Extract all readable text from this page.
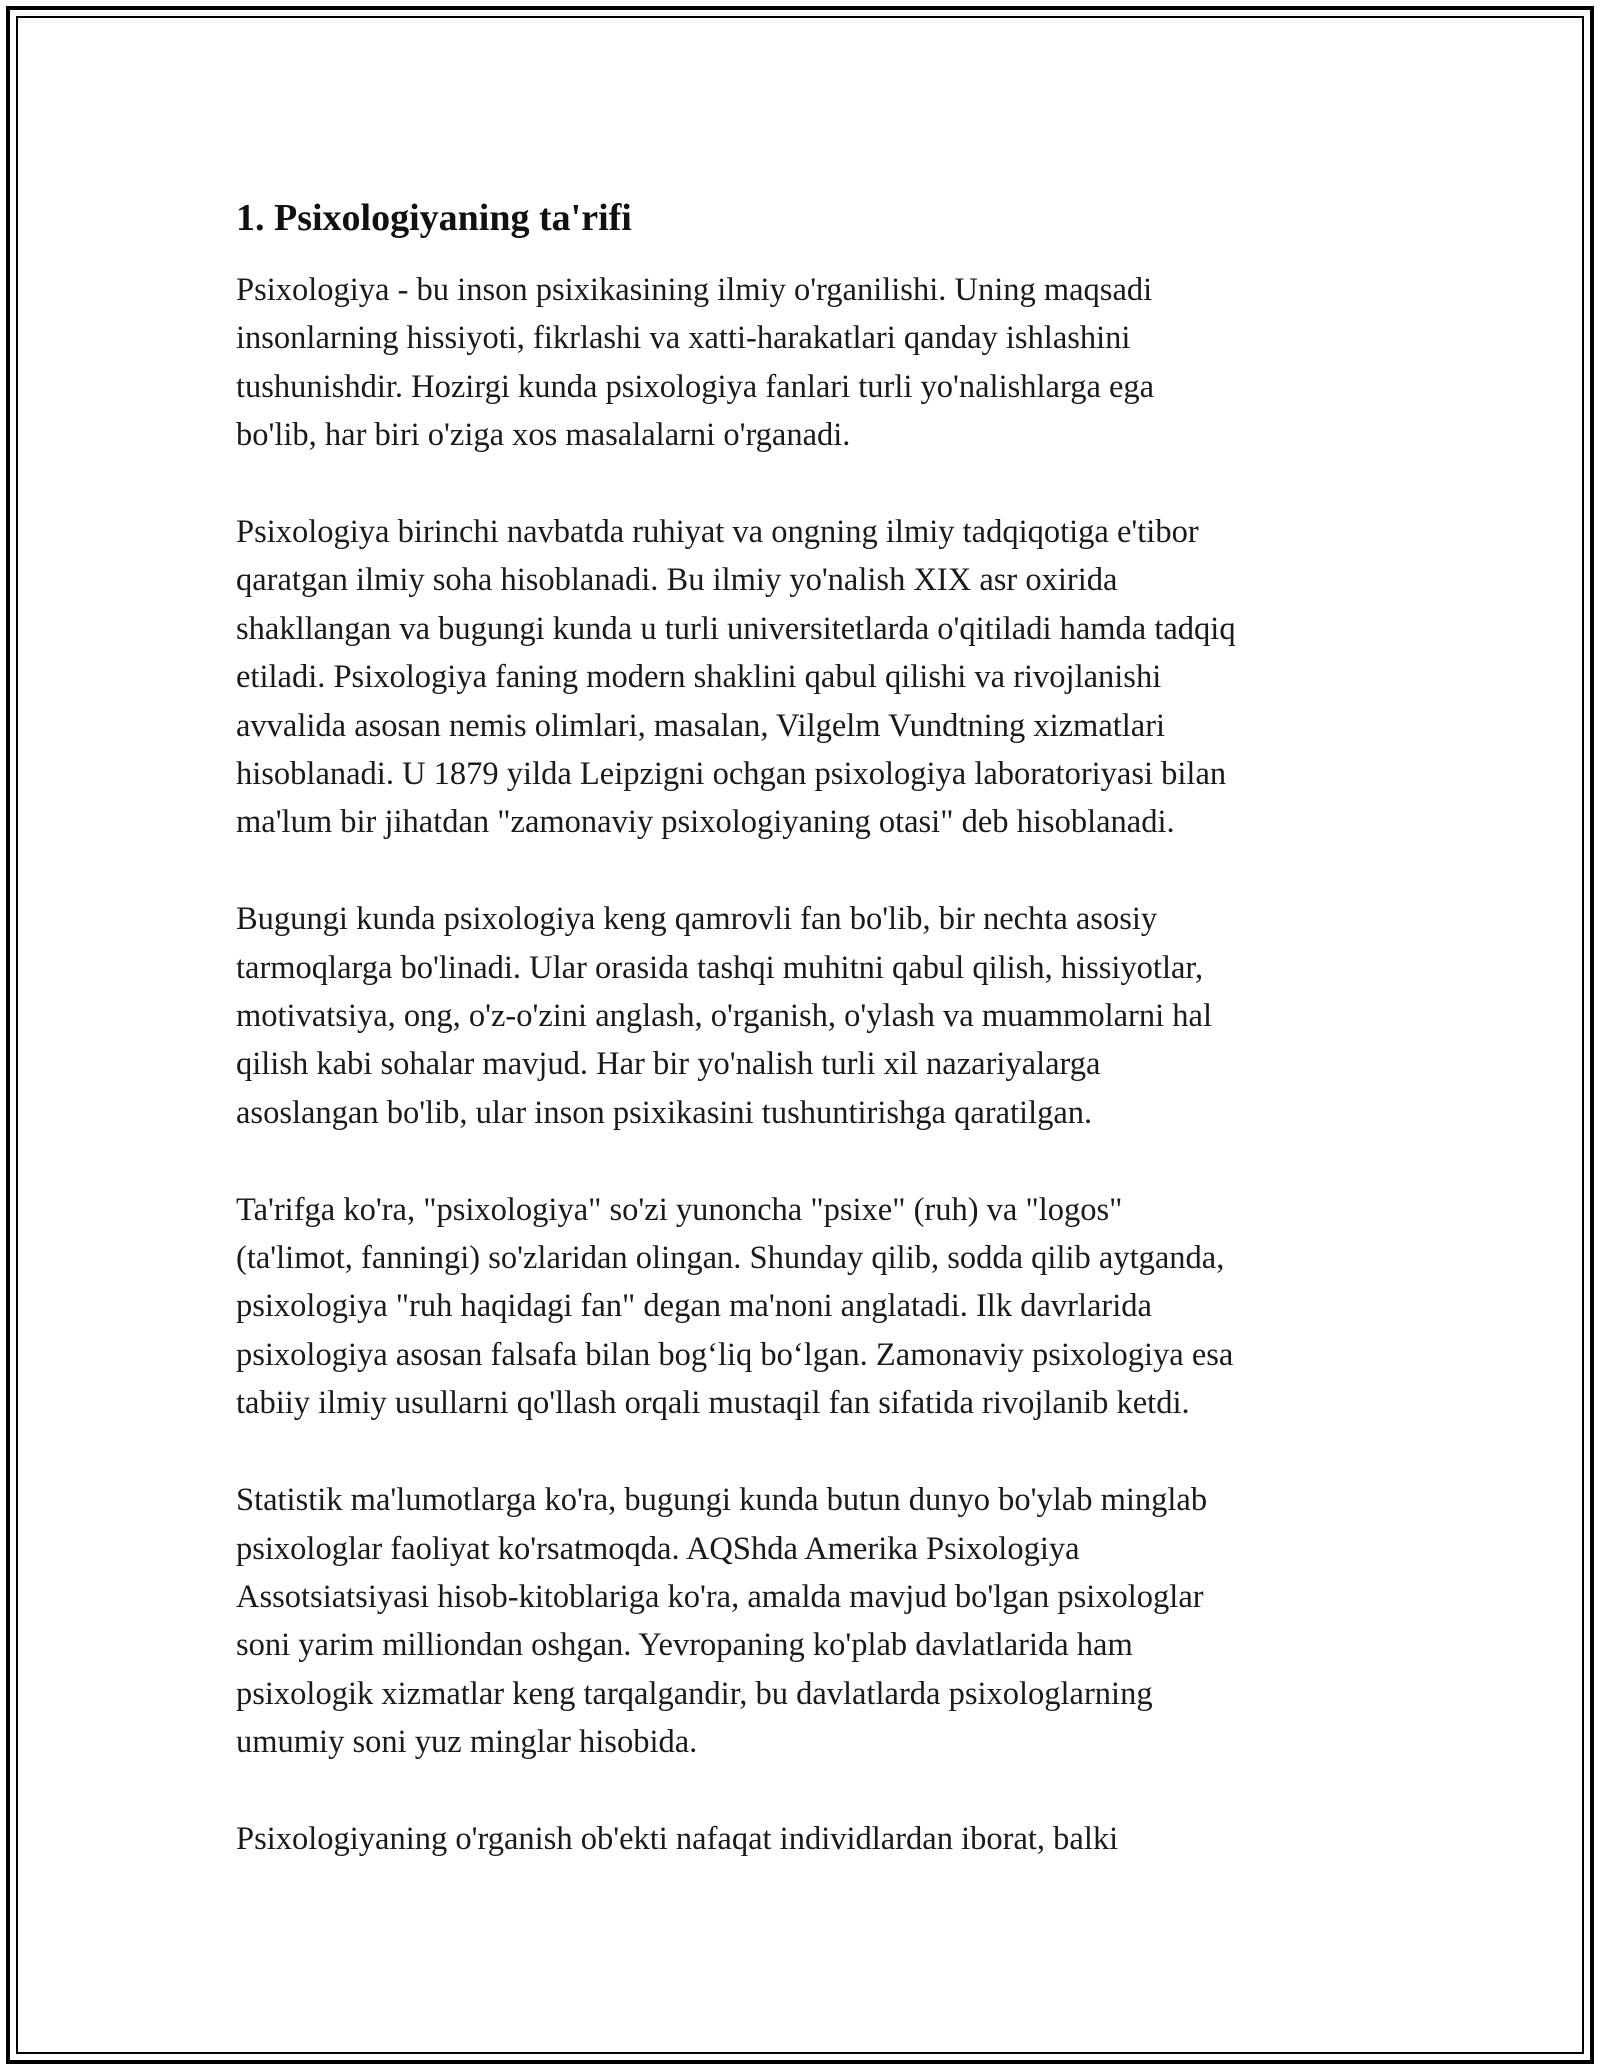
1. Psixologiyaning ta'rifi

Psixologiya - bu inson psixikasining ilmiy o'rganilishi. Uning maqsadi
insonlarning hissiyoti, fikrlashi va xatti-harakatlari qanday ishlashini
tushunishdir. Hozirgi kunda psixologiya fanlari turli yo'nalishlarga ega
bo'lib, har biri o'ziga xos masalalarni o'rganadi.

Psixologiya birinchi navbatda ruhiyat va ongning ilmiy tadqiqotiga e'tibor
qaratgan ilmiy soha hisoblanadi. Bu ilmiy yo'nalish XIX asr oxirida
shakllangan va bugungi kunda u turli universitetlarda o'qitiladi hamda tadqiq
etiladi. Psixologiya faning modern shaklini qabul qilishi va rivojlanishi
avvalida asosan nemis olimlari, masalan, Vilgelm Vundtning xizmatlari
hisoblanadi. U 1879 yilda Leipzigni ochgan psixologiya laboratoriyasi bilan
ma'lum bir jihatdan "zamonaviy psixologiyaning otasi" deb hisoblanadi.

Bugungi kunda psixologiya keng qamrovli fan bo'lib, bir nechta asosiy
tarmoqlarga bo'linadi. Ular orasida tashqi muhitni qabul qilish, hissiyotlar,
motivatsiya, ong, o'z-o'zini anglash, o'rganish, o'ylash va muammolarni hal
qilish kabi sohalar mavjud. Har bir yo'nalish turli xil nazariyalarga
asoslangan bo'lib, ular inson psixikasini tushuntirishga qaratilgan.

Ta'rifga ko'ra, "psixologiya" so'zi yunoncha "psixe" (ruh) va "logos"
(ta'limot, fanningi) so'zlaridan olingan. Shunday qilib, sodda qilib aytganda,
psixologiya "ruh haqidagi fan" degan ma'noni anglatadi. Ilk davrlarida
psixologiya asosan falsafa bilan bog‘liq bo‘lgan. Zamonaviy psixologiya esa
tabiiy ilmiy usullarni qo'llash orqali mustaqil fan sifatida rivojlanib ketdi.

Statistik ma'lumotlarga ko'ra, bugungi kunda butun dunyo bo'ylab minglab
psixologlar faoliyat ko'rsatmoqda. AQShda Amerika Psixologiya
Assotsiatsiyasi hisob-kitoblariga ko'ra, amalda mavjud bo'lgan psixologlar
soni yarim milliondan oshgan. Yevropaning ko'plab davlatlarida ham
psixologik xizmatlar keng tarqalgandir, bu davlatlarda psixologlarning
umumiy soni yuz minglar hisobida.

Psixologiyaning o'rganish ob'ekti nafaqat individlardan iborat, balki
